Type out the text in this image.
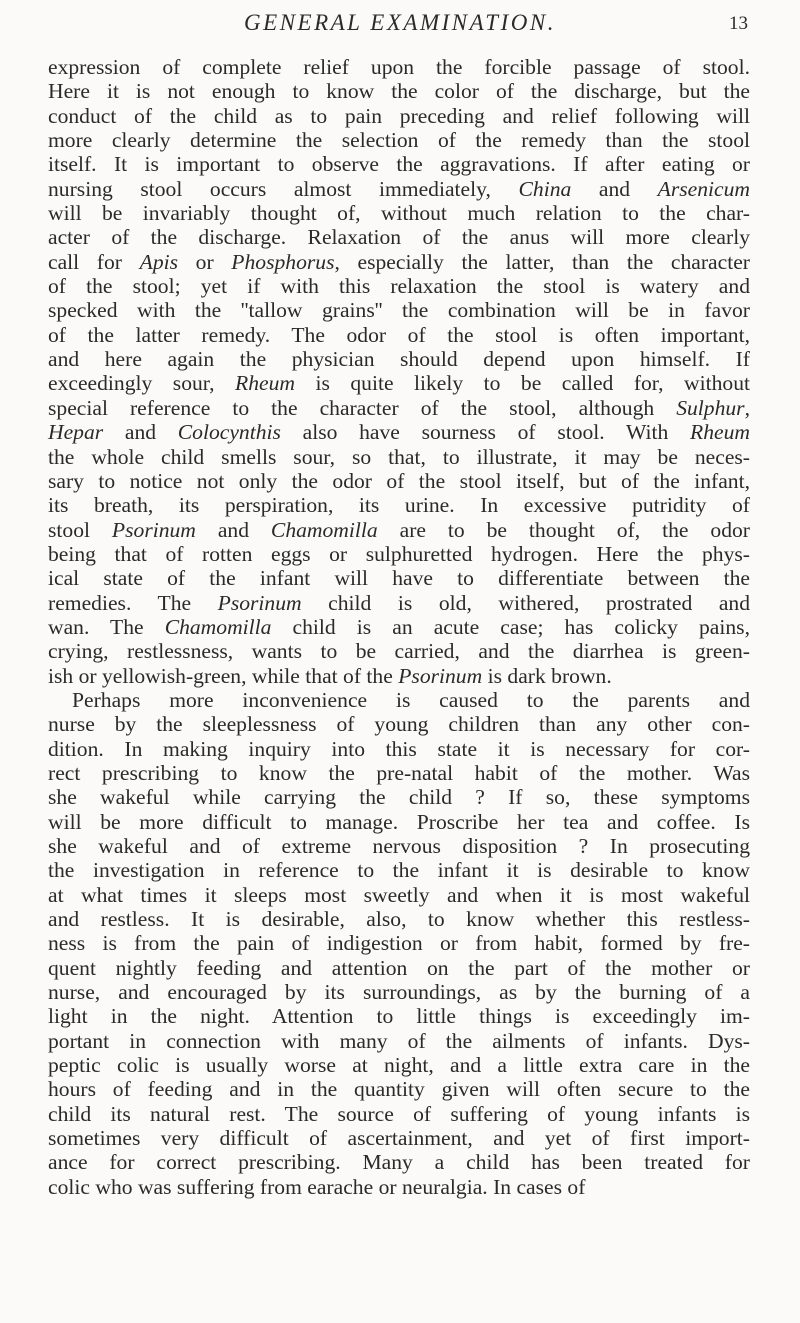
GENERAL EXAMINATION.	13
expression of complete relief upon the forcible passage of stool.
Here it is not enough to know the color of the discharge, but the
conduct of the child as to pain preceding and relief following will
more clearly determine the selection of the remedy than the stool
itself. It is important to observe the aggravations. If after eating or
nursing stool occurs almost immediately, China and Arsenicum
will be invariably thought of, without much relation to the char-
acter of the discharge. Relaxation of the anus will more clearly
call for Apis or Phosphorus, especially the latter, than the character
of the stool; yet if with this relaxation the stool is watery and
specked with the ''tallow grains'' the combination will be in favor
of the latter remedy. The odor of the stool is often important,
and here again the physician should depend upon himself. If
exceedingly sour, Rheum is quite likely to be called for, without
special reference to the character of the stool, although Sulphur,
Hepar and Colocynthis also have sourness of stool. With Rheum
the whole child smells sour, so that, to illustrate, it may be neces-
sary to notice not only the odor of the stool itself, but of the infant,
its breath, its perspiration, its urine. In excessive putridity of
stool Psorinum and Chamomilla are to be thought of, the odor
being that of rotten eggs or sulphuretted hydrogen. Here the phys-
ical state of the infant will have to differentiate between the
remedies. The Psorinum child is old, withered, prostrated and
wan. The Chamomilla child is an acute case; has colicky pains,
crying, restlessness, wants to be carried, and the diarrhea is green-
ish or yellowish-green, while that of the Psorinum is dark brown.
Perhaps more inconvenience is caused to the parents and
nurse by the sleeplessness of young children than any other con-
dition. In making inquiry into this state it is necessary for cor-
rect prescribing to know the pre-natal habit of the mother. Was
she wakeful while carrying the child ? If so, these symptoms
will be more difficult to manage. Proscribe her tea and coffee. Is
she wakeful and of extreme nervous disposition ? In prosecuting
the investigation in reference to the infant it is desirable to know
at what times it sleeps most sweetly and when it is most wakeful
and restless. It is desirable, also, to know whether this restless-
ness is from the pain of indigestion or from habit, formed by fre-
quent nightly feeding and attention on the part of the mother or
nurse, and encouraged by its surroundings, as by the burning of a
light in the night. Attention to little things is exceedingly im-
portant in connection with many of the ailments of infants. Dys-
peptic colic is usually worse at night, and a little extra care in the
hours of feeding and in the quantity given will often secure to the
child its natural rest. The source of suffering of young infants is
sometimes very difficult of ascertainment, and yet of first import-
ance for correct prescribing. Many a child has been treated for
colic who was suffering from earache or neuralgia. In cases of
